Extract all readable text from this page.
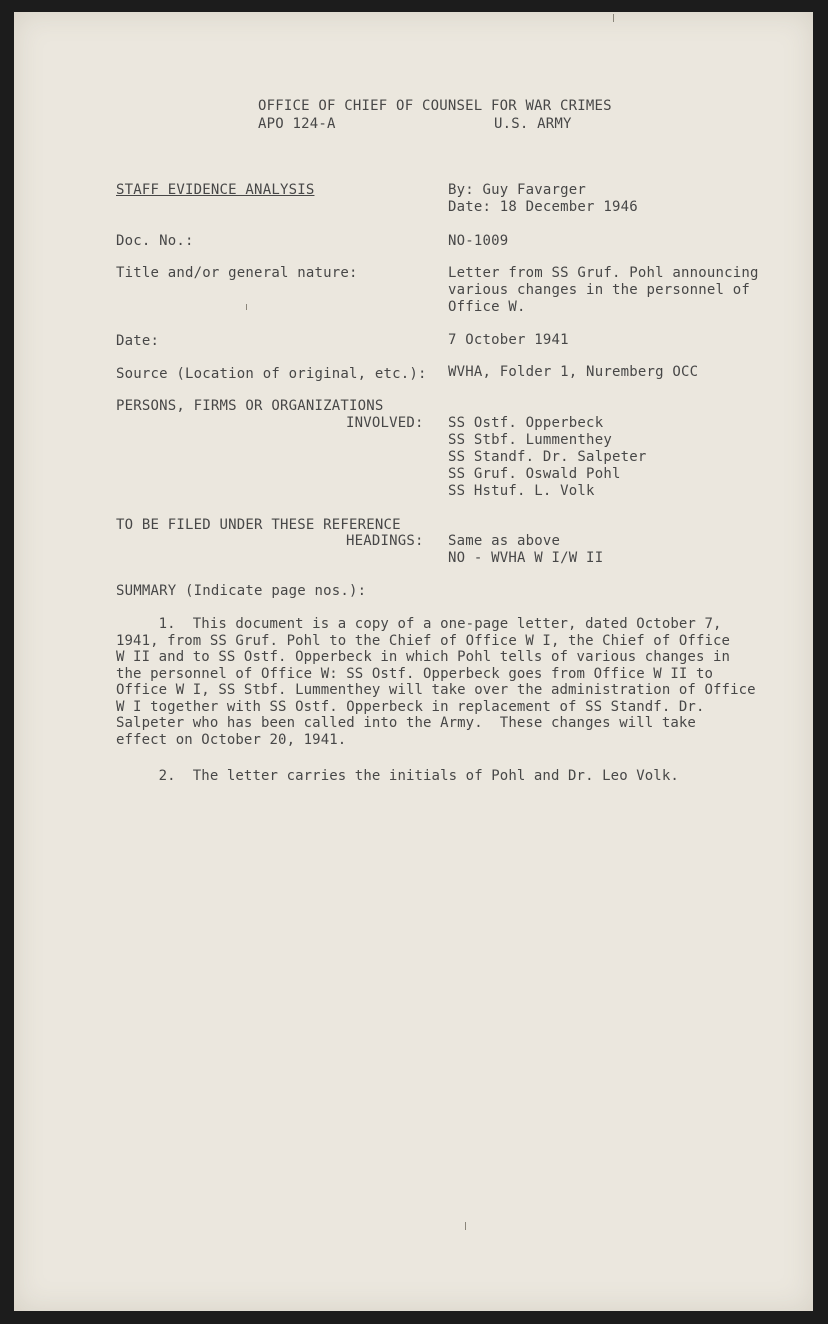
OFFICE OF CHIEF OF COUNSEL FOR WAR CRIMES
APO 124-A	U.S. ARMY
STAFF EVIDENCE ANALYSIS	By: Guy Favarger
Date: 18 December 1946
Doc. No.:	NO-1009
Title and/or general nature:	Letter from SS Gruf. Pohl announcing
various changes in the personnel of
Office W.
Date:	7 October 1941
Source (Location of original, etc.): WVHA, Folder 1, Nuremberg OCC
PERSONS, FIRMS OR ORGANIZATIONS
INVOLVED: SS Ostf. Opperbeck
SS Stbf. Lummenthey
SS Standf. Dr. Salpeter
SS Gruf. Oswald Pohl
SS Hstuf. L. Volk
TO BE FILED UNDER THESE REFERENCE
HEADINGS: Same as above
NO - WVHA W I/W II
SUMMARY (Indicate page nos.):
1.  This document is a copy of a one-page letter, dated October 7,
1941, from SS Gruf. Pohl to the Chief of Office W I, the Chief of Office
W II and to SS Ostf. Opperbeck in which Pohl tells of various changes in
the personnel of Office W: SS Ostf. Opperbeck goes from Office W II to
Office W I, SS Stbf. Lummenthey will take over the administration of Office
W I together with SS Ostf. Opperbeck in replacement of SS Standf. Dr.
Salpeter who has been called into the Army.  These changes will take
effect on October 20, 1941.
2.  The letter carries the initials of Pohl and Dr. Leo Volk.
